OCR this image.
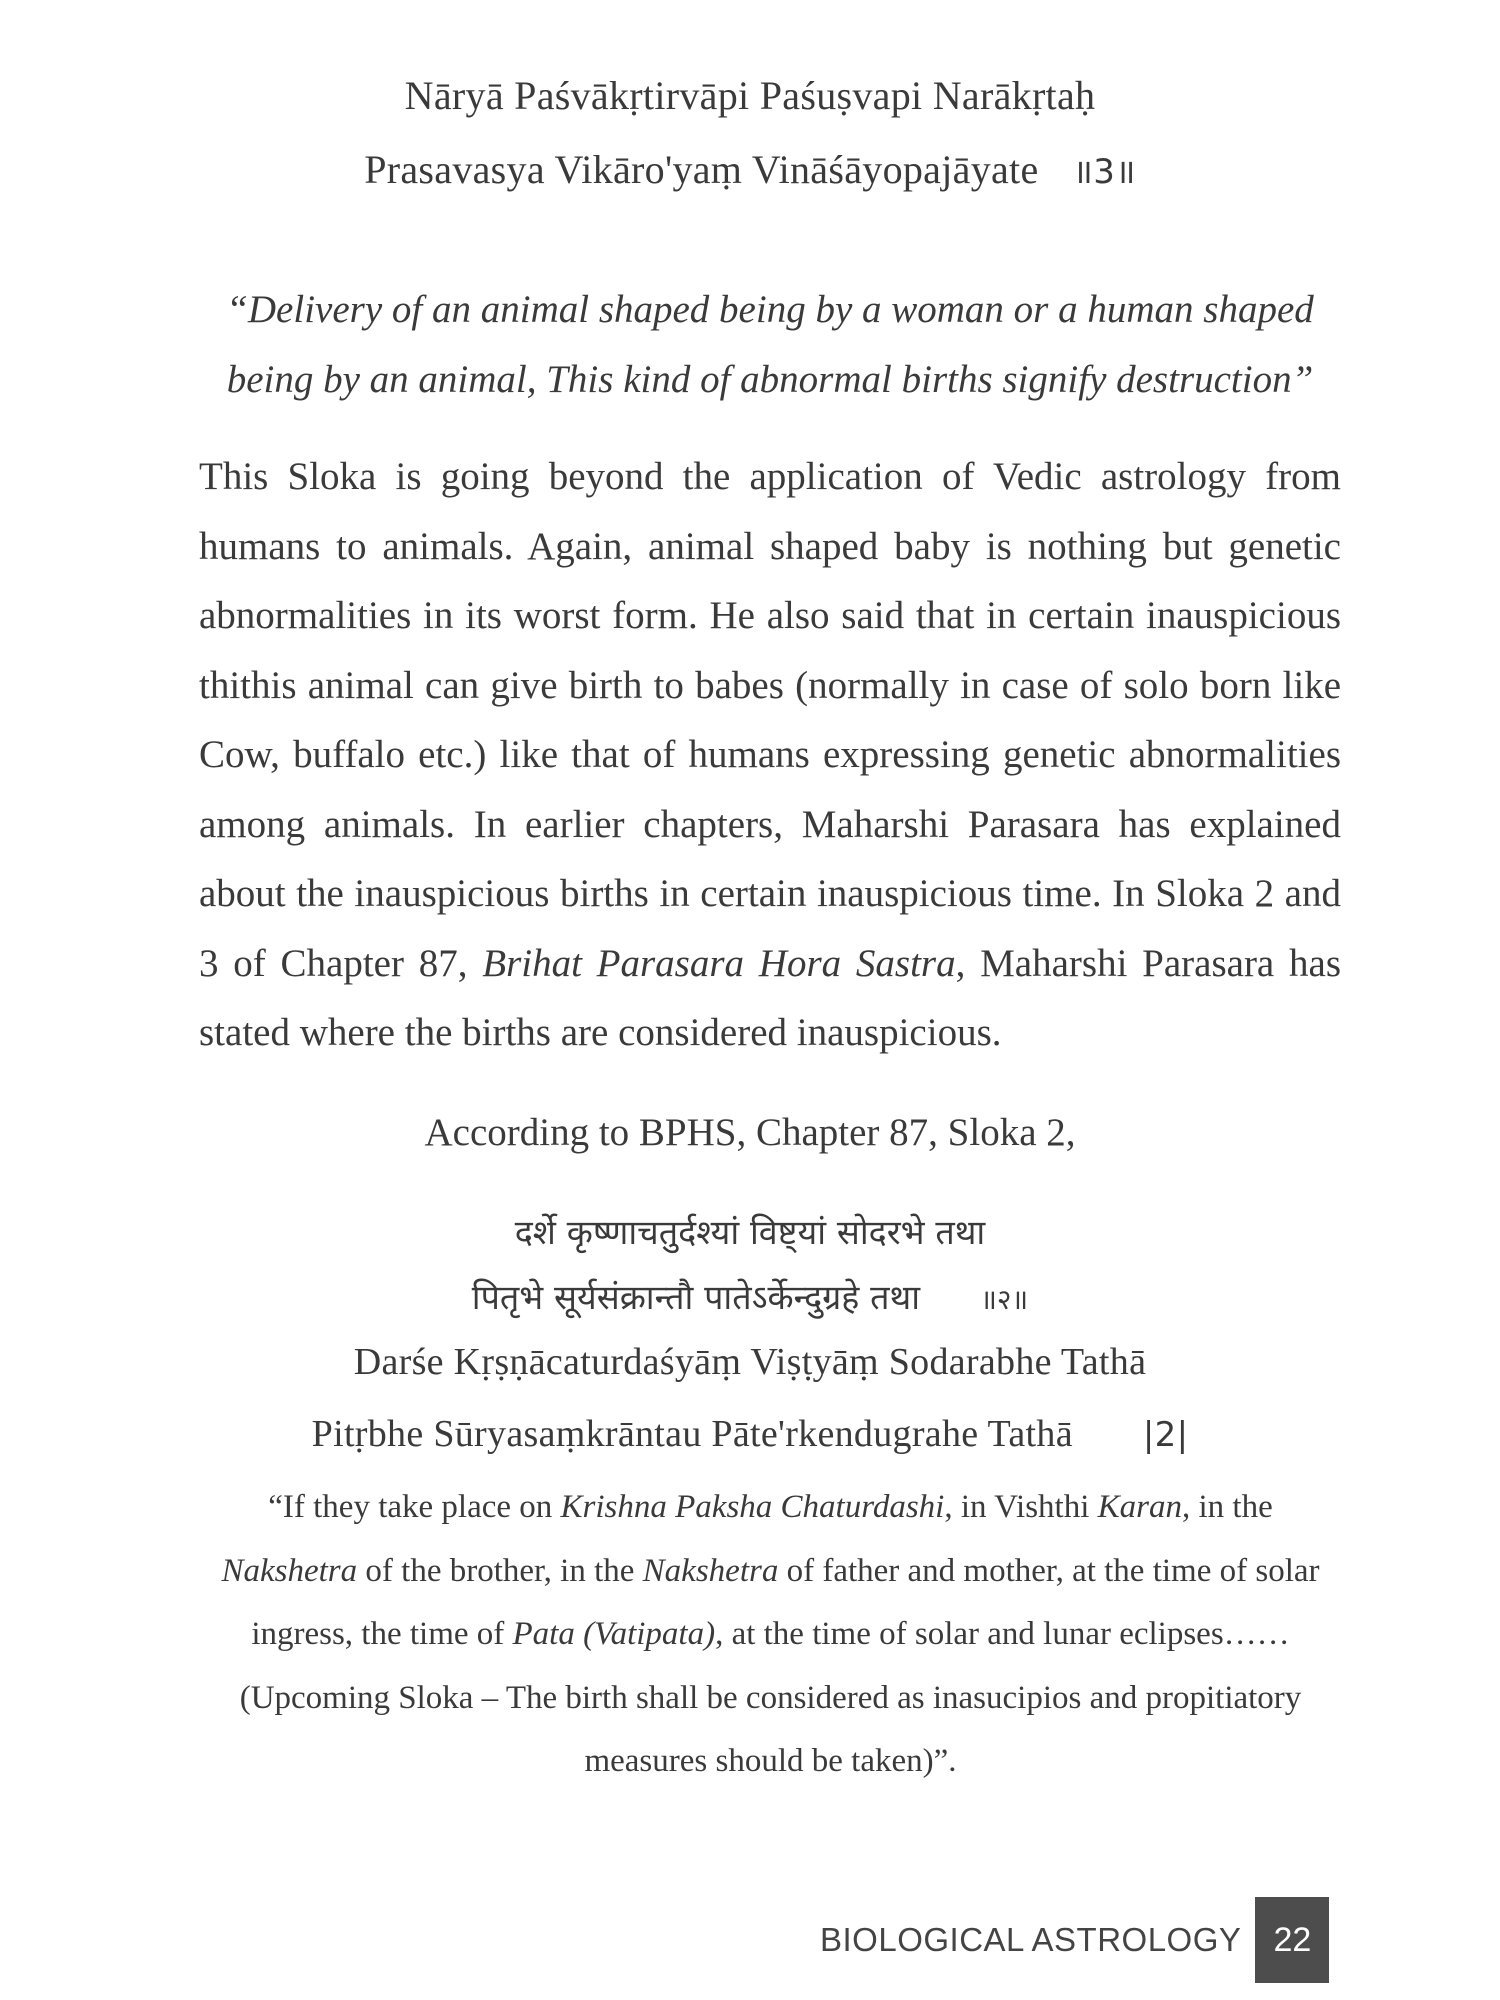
Nāryā Paśvākṛtirvāpi Paśuṣvapi Narākṛtaḥ
Prasavasya Vikāro'yaṃ Vināśāyopajāyate ॥3॥
“Delivery of an animal shaped being by a woman or a human shaped
being by an animal, This kind of abnormal births signify destruction”
This Sloka is going beyond the application of Vedic astrology from humans to animals. Again, animal shaped baby is nothing but genetic abnormalities in its worst form. He also said that in certain inauspicious thithis animal can give birth to babes (normally in case of solo born like Cow, buffalo etc.) like that of humans expressing genetic abnormalities among animals. In earlier chapters, Maharshi Parasara has explained about the inauspicious births in certain inauspicious time. In Sloka 2 and 3 of Chapter 87, Brihat Parasara Hora Sastra, Maharshi Parasara has stated where the births are considered inauspicious.
According to BPHS, Chapter 87, Sloka 2,
दर्शे कृष्णाचतुर्दश्यां विष्ट्यां सोदरभे तथा
पितृभे सूर्यसंक्रान्तौ पातेऽर्केन्दुग्रहे तथा ॥२॥
Darśe Kṛṣṇācaturdaśyāṃ Viṣṭyāṃ Sodarabhe Tathā
Pitṛbhe Sūryasaṃkrāntau Pāte'rkendugrahe Tathā |2|
“If they take place on Krishna Paksha Chaturdashi, in Vishthi Karan, in the Nakshetra of the brother, in the Nakshetra of father and mother, at the time of solar ingress, the time of Pata (Vatipata), at the time of solar and lunar eclipses……(Upcoming Sloka – The birth shall be considered as inasucipios and propitiatory measures should be taken)”.
BIOLOGICAL ASTROLOGY 22
